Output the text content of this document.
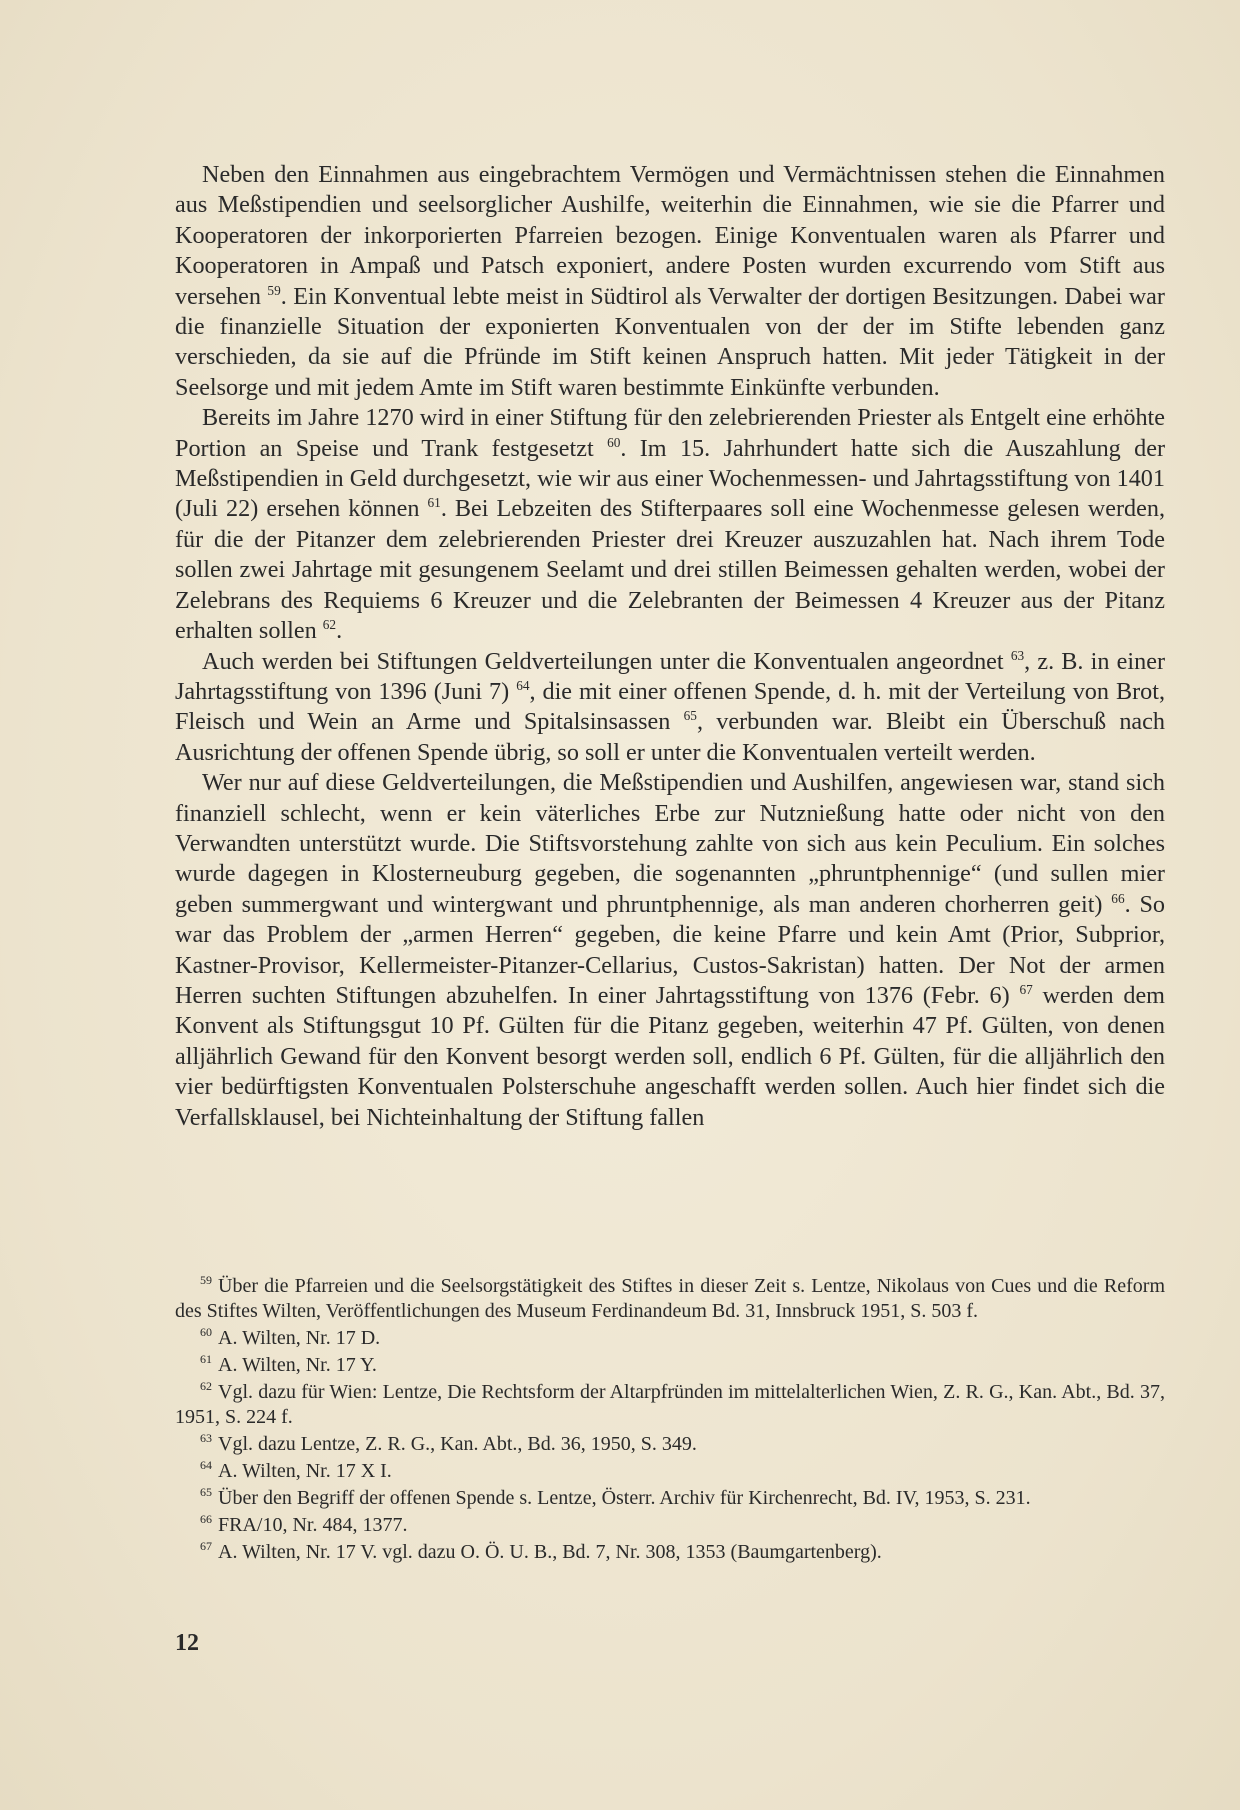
Neben den Einnahmen aus eingebrachtem Vermögen und Vermächtnissen stehen die Einnahmen aus Meßstipendien und seelsorglicher Aushilfe, weiterhin die Einnahmen, wie sie die Pfarrer und Kooperatoren der inkorporierten Pfarreien bezogen. Einige Konventualen waren als Pfarrer und Kooperatoren in Ampaß und Patsch exponiert, andere Posten wurden excurrendo vom Stift aus versehen $^{59}$. Ein Konventual lebte meist in Südtirol als Verwalter der dortigen Besitzungen. Dabei war die finanzielle Situation der exponierten Konventualen von der der im Stifte lebenden ganz verschieden, da sie auf die Pfründe im Stift keinen Anspruch hatten. Mit jeder Tätigkeit in der Seelsorge und mit jedem Amte im Stift waren bestimmte Einkünfte verbunden.

Bereits im Jahre 1270 wird in einer Stiftung für den zelebrierenden Priester als Entgelt eine erhöhte Portion an Speise und Trank festgesetzt $^{60}$. Im 15. Jahrhundert hatte sich die Auszahlung der Meßstipendien in Geld durchgesetzt, wie wir aus einer Wochenmessen- und Jahrtagsstiftung von 1401 (Juli 22) ersehen können $^{61}$. Bei Lebzeiten des Stifterpaares soll eine Wochenmesse gelesen werden, für die der Pitanzer dem zelebrierenden Priester drei Kreuzer auszuzahlen hat. Nach ihrem Tode sollen zwei Jahrtage mit gesungenem Seelamt und drei stillen Beimessen gehalten werden, wobei der Zelebrans des Requiems 6 Kreuzer und die Zelebranten der Beimessen 4 Kreuzer aus der Pitanz erhalten sollen $^{62}$.

Auch werden bei Stiftungen Geldverteilungen unter die Konventualen angeordnet $^{63}$, z. B. in einer Jahrtagsstiftung von 1396 (Juni 7) $^{64}$, die mit einer offenen Spende, d. h. mit der Verteilung von Brot, Fleisch und Wein an Arme und Spitalsinsassen $^{65}$, verbunden war. Bleibt ein Überschuß nach Ausrichtung der offenen Spende übrig, so soll er unter die Konventualen verteilt werden.

Wer nur auf diese Geldverteilungen, die Meßstipendien und Aushilfen, angewiesen war, stand sich finanziell schlecht, wenn er kein väterliches Erbe zur Nutznießung hatte oder nicht von den Verwandten unterstützt wurde. Die Stiftsvorstehung zahlte von sich aus kein Peculium. Ein solches wurde dagegen in Klosterneuburg gegeben, die sogenannten „phruntphennige“ (und sullen mier geben summergwant und wintergwant und phruntphennige, als man anderen chorherren geit) $^{66}$. So war das Problem der „armen Herren“ gegeben, die keine Pfarre und kein Amt (Prior, Subprior, Kastner-Provisor, Kellermeister-Pitanzer-Cellarius, Custos-Sakristan) hatten. Der Not der armen Herren suchten Stiftungen abzuhelfen. In einer Jahrtagsstiftung von 1376 (Febr. 6) $^{67}$ werden dem Konvent als Stiftungsgut 10 Pf. Gülten für die Pitanz gegeben, weiterhin 47 Pf. Gülten, von denen alljährlich Gewand für den Konvent besorgt werden soll, endlich 6 Pf. Gülten, für die alljährlich den vier bedürftigsten Konventualen Polsterschuhe angeschafft werden sollen. Auch hier findet sich die Verfallsklausel, bei Nichteinhaltung der Stiftung fallen

$^{59}$ Über die Pfarreien und die Seelsorgstätigkeit des Stiftes in dieser Zeit s. Lentze, Nikolaus von Cues und die Reform des Stiftes Wilten, Veröffentlichungen des Museum Ferdinandeum Bd. 31, Innsbruck 1951, S. 503 f.

$^{60}$ A. Wilten, Nr. 17 D.

$^{61}$ A. Wilten, Nr. 17 Y.

$^{62}$ Vgl. dazu für Wien: Lentze, Die Rechtsform der Altarpfründen im mittelalterlichen Wien, Z. R. G., Kan. Abt., Bd. 37, 1951, S. 224 f.

$^{63}$ Vgl. dazu Lentze, Z. R. G., Kan. Abt., Bd. 36, 1950, S. 349.

$^{64}$ A. Wilten, Nr. 17 X I.

$^{65}$ Über den Begriff der offenen Spende s. Lentze, Österr. Archiv für Kirchenrecht, Bd. IV, 1953, S. 231.

$^{66}$ FRA/10, Nr. 484, 1377.

$^{67}$ A. Wilten, Nr. 17 V. vgl. dazu O. Ö. U. B., Bd. 7, Nr. 308, 1353 (Baumgartenberg).

12
